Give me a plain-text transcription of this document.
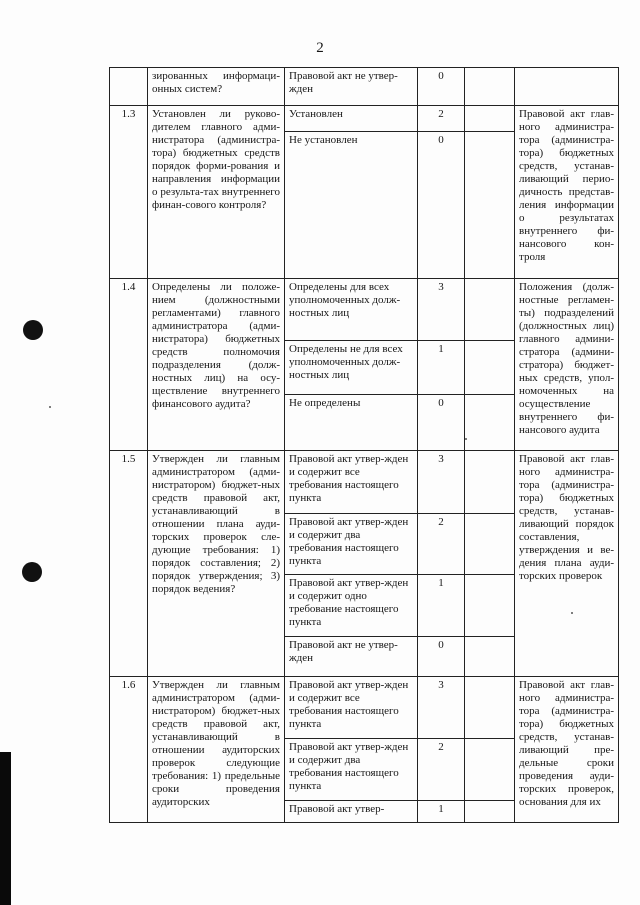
2
	зированных информаци-онных систем?	Правовой акт не утвер-жден	0		
1.3	Установлен ли руково-дителем главного адми-нистратора (администра-тора) бюджетных средств порядок форми-рования и направления информации о результа-тах внутреннего финан-сового контроля?	Установлен	2		Правовой акт глав-ного администра-тора (администра-тора) бюджетных средств, устанав-ливающий перио-дичность представ-ления информации о результатах внутреннего фи-нансового кон-троля
		Не установлен	0		
1.4	Определены ли положе-нием (должностными регламентами) главного администратора (адми-нистратора) бюджетных средств полномочия подразделения (долж-ностных лиц) на осу-ществление внутреннего финансового аудита?	Определены для всех уполномоченных долж-ностных лиц	3		Положения (долж-ностные регламен-ты) подразделений (должностных лиц) главного админи-стратора (админи-стратора) бюджет-ных средств, упол-номоченных на осуществление внутреннего фи-нансового аудита
		Определены не для всех уполномоченных долж-ностных лиц	1		
		Не определены	0		
1.5	Утвержден ли главным администратором (адми-нистратором) бюджет-ных средств правовой акт, устанавливающий в отношении плана ауди-торских проверок сле-дующие требования: 1) порядок составления; 2) порядок утверждения; 3) порядок ведения?	Правовой акт утвер-жден и содержит все требования настоящего пункта	3		Правовой акт глав-ного администра-тора (администра-тора) бюджетных средств, устанав-ливающий порядок составления, утверждения и ве-дения плана ауди-торских проверок
		Правовой акт утвер-жден и содержит два требования настоящего пункта	2		
		Правовой акт утвер-жден и содержит одно требование настоящего пункта	1		
		Правовой акт не утвер-жден	0		
1.6	Утвержден ли главным администратором (адми-нистратором) бюджет-ных средств правовой акт, устанавливающий в отношении аудиторских проверок следующие требования: 1) предельные сроки проведения аудиторских	Правовой акт утвер-жден и содержит все требования настоящего пункта	3		Правовой акт глав-ного администра-тора (администра-тора) бюджетных средств, устанав-ливающий пре-дельные сроки проведения ауди-торских проверок, основания для их
		Правовой акт утвер-жден и содержит два требования настоящего пункта	2		
		Правовой акт утвер-	1		
